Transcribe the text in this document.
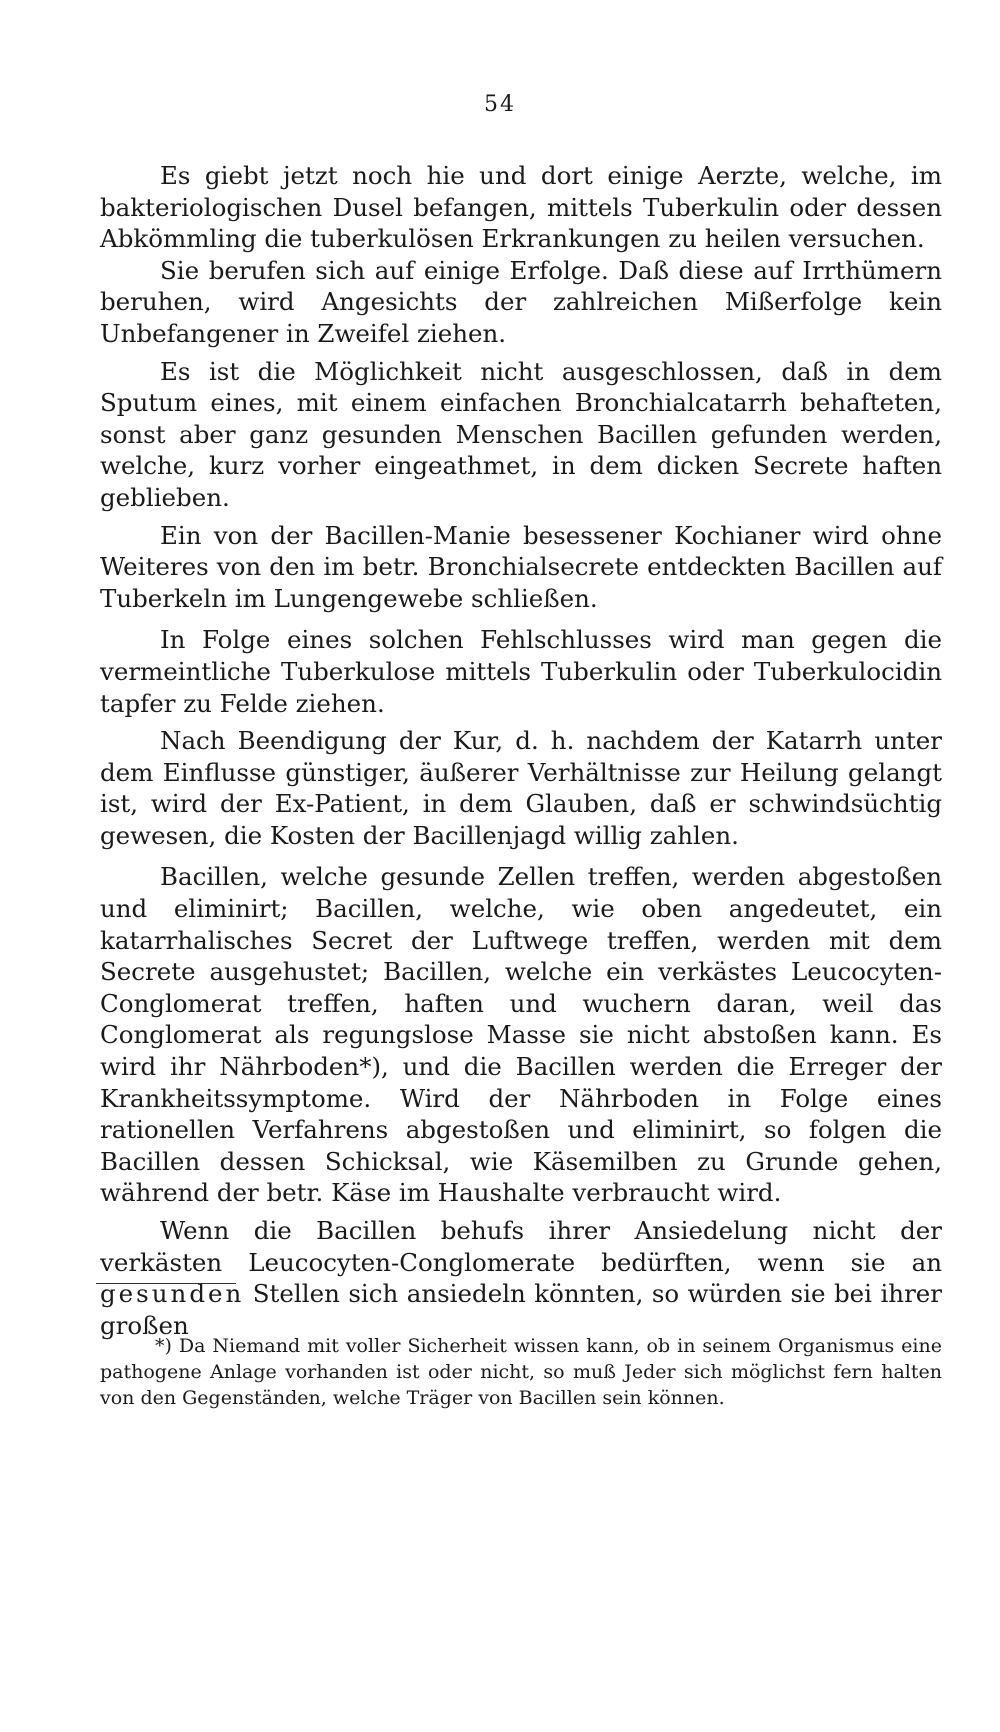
54

Es giebt jetzt noch hie und dort einige Aerzte, welche, im bakteriologischen Dusel befangen, mittels Tuberkulin oder dessen Abkömmling die tuberkulösen Erkrankungen zu heilen versuchen.

Sie berufen sich auf einige Erfolge. Daß diese auf Irrthümern beruhen, wird Angesichts der zahlreichen Mißerfolge kein Unbefangener in Zweifel ziehen.

Es ist die Möglichkeit nicht ausgeschlossen, daß in dem Sputum eines, mit einem einfachen Bronchialcatarrh behafteten, sonst aber ganz gesunden Menschen Bacillen gefunden werden, welche, kurz vorher eingeathmet, in dem dicken Secrete haften geblieben.

Ein von der Bacillen-Manie besessener Kochianer wird ohne Weiteres von den im betr. Bronchialsecrete entdeckten Bacillen auf Tuberkeln im Lungengewebe schließen.

In Folge eines solchen Fehlschlusses wird man gegen die vermeintliche Tuberkulose mittels Tuberkulin oder Tuberkulocidin tapfer zu Felde ziehen.

Nach Beendigung der Kur, d. h. nachdem der Katarrh unter dem Einflusse günstiger, äußerer Verhältnisse zur Heilung gelangt ist, wird der Ex-Patient, in dem Glauben, daß er schwindsüchtig gewesen, die Kosten der Bacillenjagd willig zahlen.

Bacillen, welche gesunde Zellen treffen, werden abgestoßen und eliminirt; Bacillen, welche, wie oben angedeutet, ein katarrhalisches Secret der Luftwege treffen, werden mit dem Secrete ausgehustet; Bacillen, welche ein verkästes Leucocyten-Conglomerat treffen, haften und wuchern daran, weil das Conglomerat als regungslose Masse sie nicht abstoßen kann. Es wird ihr Nährboden*), und die Bacillen werden die Erreger der Krankheitssymptome. Wird der Nährboden in Folge eines rationellen Verfahrens abgestoßen und eliminirt, so folgen die Bacillen dessen Schicksal, wie Käsemilben zu Grunde gehen, während der betr. Käse im Haushalte verbraucht wird.

Wenn die Bacillen behufs ihrer Ansiedelung nicht der verkästen Leucocyten-Conglomerate bedürften, wenn sie an gesunden Stellen sich ansiedeln könnten, so würden sie bei ihrer großen

*) Da Niemand mit voller Sicherheit wissen kann, ob in seinem Organismus eine pathogene Anlage vorhanden ist oder nicht, so muß Jeder sich möglichst fern halten von den Gegenständen, welche Träger von Bacillen sein können.
